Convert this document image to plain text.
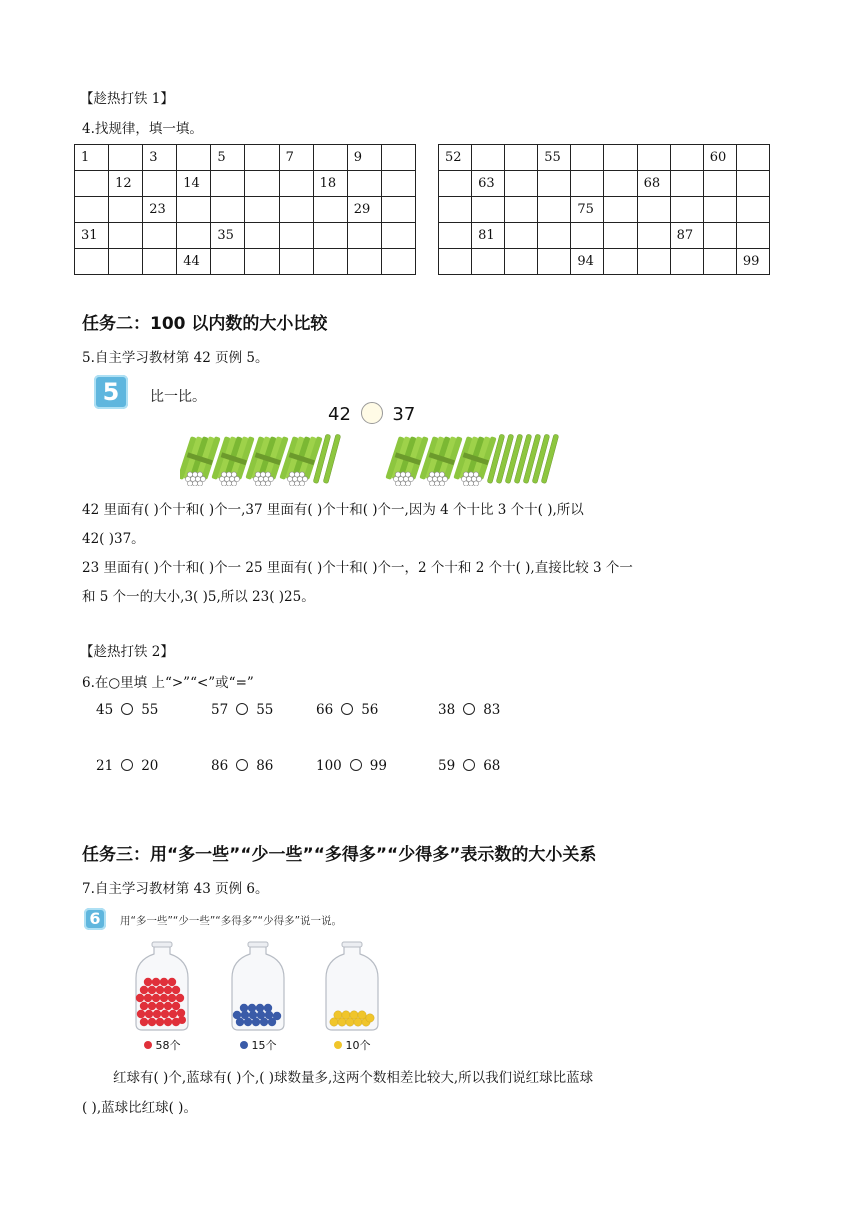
【趁热打铁 1】
4.找规律，填一填。
1		3		5		7		9	
	12		14				18		
		23						29	
31				35					
			44						
52			55					60	
	63					68			
				75					
	81						87		
				94					99
任务二：100 以内数的大小比较
5.自主学习教材第 42 页例 5。
5	比一比。
42 37
42 里面有( )个十和( )个一,37 里面有( )个十和( )个一,因为 4 个十比 3 个十( ),所以
42( )37。
23 里面有( )个十和( )个一 25 里面有( )个十和( )个一，2 个十和 2 个十( ),直接比较 3 个一
和 5 个一的大小,3( )5,所以 23( )25。
【趁热打铁 2】
6.在○里填 上“>”“<”或“=”
45 55	57 55	66 56	38 83
21 20	86 86	100 99	59 68
任务三：用“多一些”“少一些”“多得多”“少得多”表示数的大小关系
7.自主学习教材第 43 页例 6。
6	用“多一些”“少一些”“多得多”“少得多”说一说。
58个	15个	10个
红球有( )个,蓝球有( )个,( )球数量多,这两个数相差比较大,所以我们说红球比蓝球
( ),蓝球比红球( )。
